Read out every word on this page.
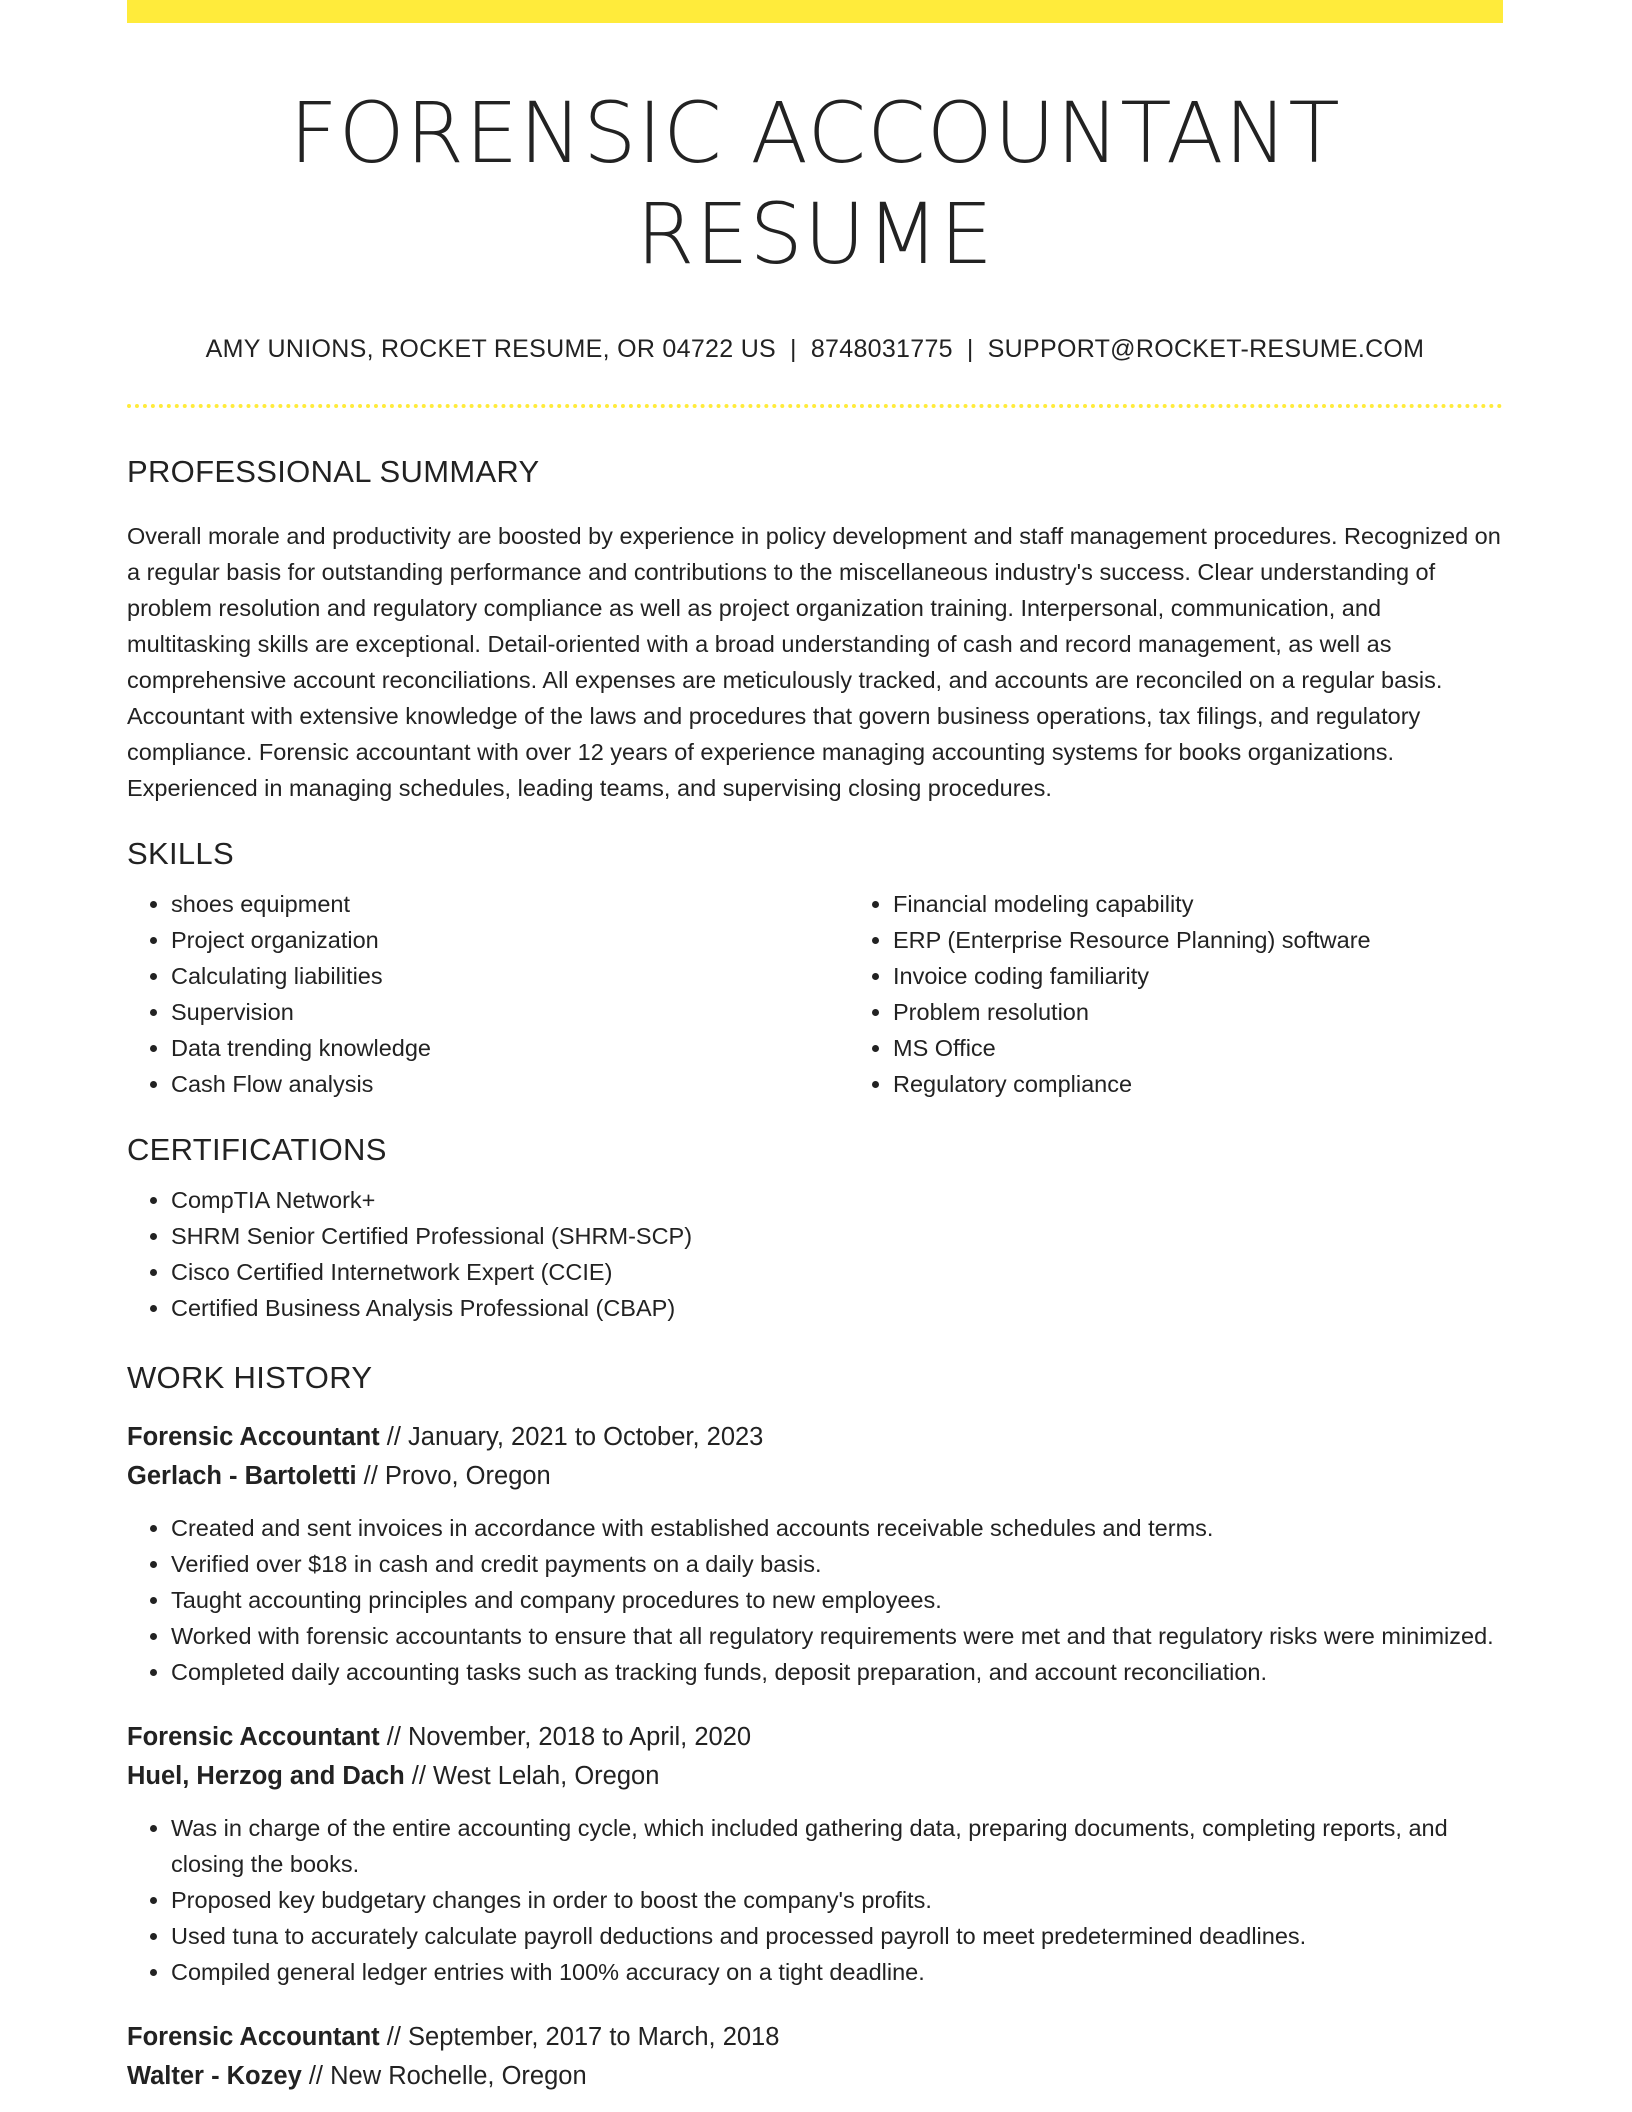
FORENSIC ACCOUNTANT RESUME
AMY UNIONS, ROCKET RESUME, OR 04722 US | 8748031775 | SUPPORT@ROCKET-RESUME.COM
PROFESSIONAL SUMMARY

Overall morale and productivity are boosted by experience in policy development and staff management procedures. Recognized on a regular basis for outstanding performance and contributions to the miscellaneous industry's success. Clear understanding of problem resolution and regulatory compliance as well as project organization training. Interpersonal, communication, and multitasking skills are exceptional. Detail-oriented with a broad understanding of cash and record management, as well as comprehensive account reconciliations. All expenses are meticulously tracked, and accounts are reconciled on a regular basis. Accountant with extensive knowledge of the laws and procedures that govern business operations, tax filings, and regulatory compliance. Forensic accountant with over 12 years of experience managing accounting systems for books organizations. Experienced in managing schedules, leading teams, and supervising closing procedures.

SKILLS
• shoes equipment
• Project organization
• Calculating liabilities
• Supervision
• Data trending knowledge
• Cash Flow analysis
• Financial modeling capability
• ERP (Enterprise Resource Planning) software
• Invoice coding familiarity
• Problem resolution
• MS Office
• Regulatory compliance
CERTIFICATIONS
• CompTIA Network+
• SHRM Senior Certified Professional (SHRM-SCP)
• Cisco Certified Internetwork Expert (CCIE)
• Certified Business Analysis Professional (CBAP)
WORK HISTORY
Forensic Accountant // January, 2021 to October, 2023
Gerlach - Bartoletti // Provo, Oregon
• Created and sent invoices in accordance with established accounts receivable schedules and terms.
• Verified over $18 in cash and credit payments on a daily basis.
• Taught accounting principles and company procedures to new employees.
• Worked with forensic accountants to ensure that all regulatory requirements were met and that regulatory risks were minimized.
• Completed daily accounting tasks such as tracking funds, deposit preparation, and account reconciliation.
Forensic Accountant // November, 2018 to April, 2020
Huel, Herzog and Dach // West Lelah, Oregon
• Was in charge of the entire accounting cycle, which included gathering data, preparing documents, completing reports, and closing the books.
• Proposed key budgetary changes in order to boost the company's profits.
• Used tuna to accurately calculate payroll deductions and processed payroll to meet predetermined deadlines.
• Compiled general ledger entries with 100% accuracy on a tight deadline.
Forensic Accountant // September, 2017 to March, 2018
Walter - Kozey // New Rochelle, Oregon
